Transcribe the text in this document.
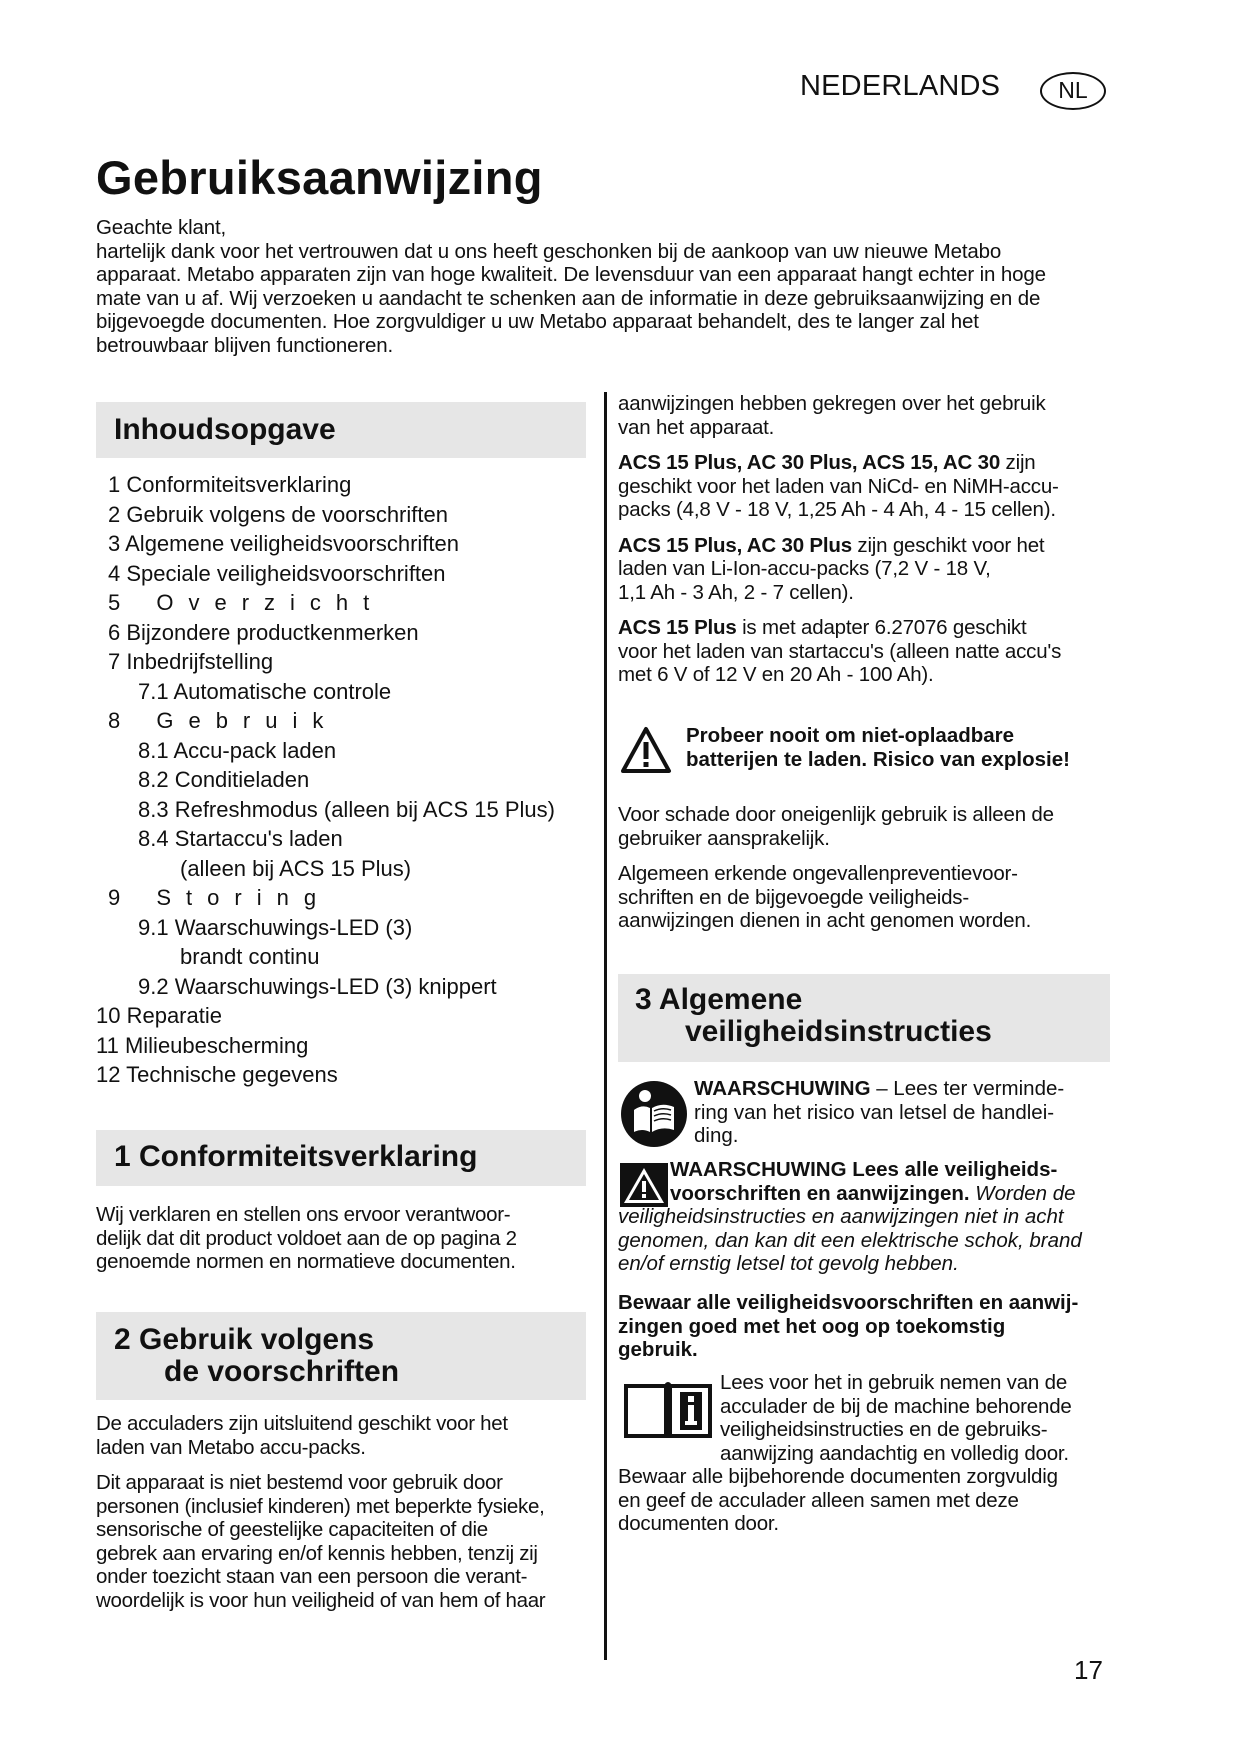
NEDERLANDS	NL
Gebruiksaanwijzing

Geachte klant,

hartelijk dank voor het vertrouwen dat u ons heeft geschonken bij de aankoop van uw nieuwe Metabo

apparaat. Metabo apparaten zijn van hoge kwaliteit. De levensduur van een apparaat hangt echter in hoge

mate van u af. Wij verzoeken u aandacht te schenken aan de informatie in deze gebruiksaanwijzing en de

bijgevoegde documenten. Hoe zorgvuldiger u uw Metabo apparaat behandelt, des te langer zal het

betrouwbaar blijven functioneren.

Inhoudsopgave
1 Conformiteitsverklaring
2 Gebruik volgens de voorschriften
3 Algemene veiligheidsvoorschriften
4 Speciale veiligheidsvoorschriften
5 Overzicht
6 Bijzondere productkenmerken
7 Inbedrijfstelling
7.1 Automatische controle
8 Gebruik
8.1 Accu-pack laden
8.2 Conditieladen
8.3 Refreshmodus (alleen bij ACS 15 Plus)
8.4 Startaccu's laden
(alleen bij ACS 15 Plus)
9 Storing
9.1 Waarschuwings-LED (3)
brandt continu
9.2 Waarschuwings-LED (3) knippert
10 Reparatie
11 Milieubescherming
12 Technische gegevens
1 Conformiteitsverklaring
Wij verklaren en stellen ons ervoor verantwoor-
delijk dat dit product voldoet aan de op pagina 2
genoemde normen en normatieve documenten.
2 Gebruik volgens
de voorschriften

De acculaders zijn uitsluitend geschikt voor het
laden van Metabo accu-packs.

Dit apparaat is niet bestemd voor gebruik door
personen (inclusief kinderen) met beperkte fysieke,
sensorische of geestelijke capaciteiten of die
gebrek aan ervaring en/of kennis hebben, tenzij zij
onder toezicht staan van een persoon die verant-
woordelijk is voor hun veiligheid of van hem of haar

aanwijzingen hebben gekregen over het gebruik
van het apparaat.

ACS 15 Plus, AC 30 Plus, ACS 15, AC 30 zijn
geschikt voor het laden van NiCd- en NiMH-accu-
packs (4,8 V - 18 V, 1,25 Ah - 4 Ah, 4 - 15 cellen).

ACS 15 Plus, AC 30 Plus zijn geschikt voor het
laden van Li-Ion-accu-packs (7,2 V - 18 V,
1,1 Ah - 3 Ah, 2 - 7 cellen).

ACS 15 Plus is met adapter 6.27076 geschikt
voor het laden van startaccu's (alleen natte accu's
met 6 V of 12 V en 20 Ah - 100 Ah).

Probeer nooit om niet-oplaadbare
batterijen te laden. Risico van explosie!

Voor schade door oneigenlijk gebruik is alleen de
gebruiker aansprakelijk.

Algemeen erkende ongevallenpreventievoor-
schriften en de bijgevoegde veiligheids-
aanwijzingen dienen in acht genomen worden.

3 Algemene
veiligheidsinstructies
WAARSCHUWING – Lees ter verminde-
ring van het risico van letsel de handlei-
ding.
WAARSCHUWING Lees alle veiligheids-
voorschriften en aanwijzingen. Worden de
veiligheidsinstructies en aanwijzingen niet in acht
genomen, dan kan dit een elektrische schok, brand
en/of ernstig letsel tot gevolg hebben.
Bewaar alle veiligheidsvoorschriften en aanwij-
zingen goed met het oog op toekomstig
gebruik.
Lees voor het in gebruik nemen van de
acculader de bij de machine behorende
veiligheidsinstructies en de gebruiks-
aanwijzing aandachtig en volledig door.
Bewaar alle bijbehorende documenten zorgvuldig
en geef de acculader alleen samen met deze
documenten door.
17
